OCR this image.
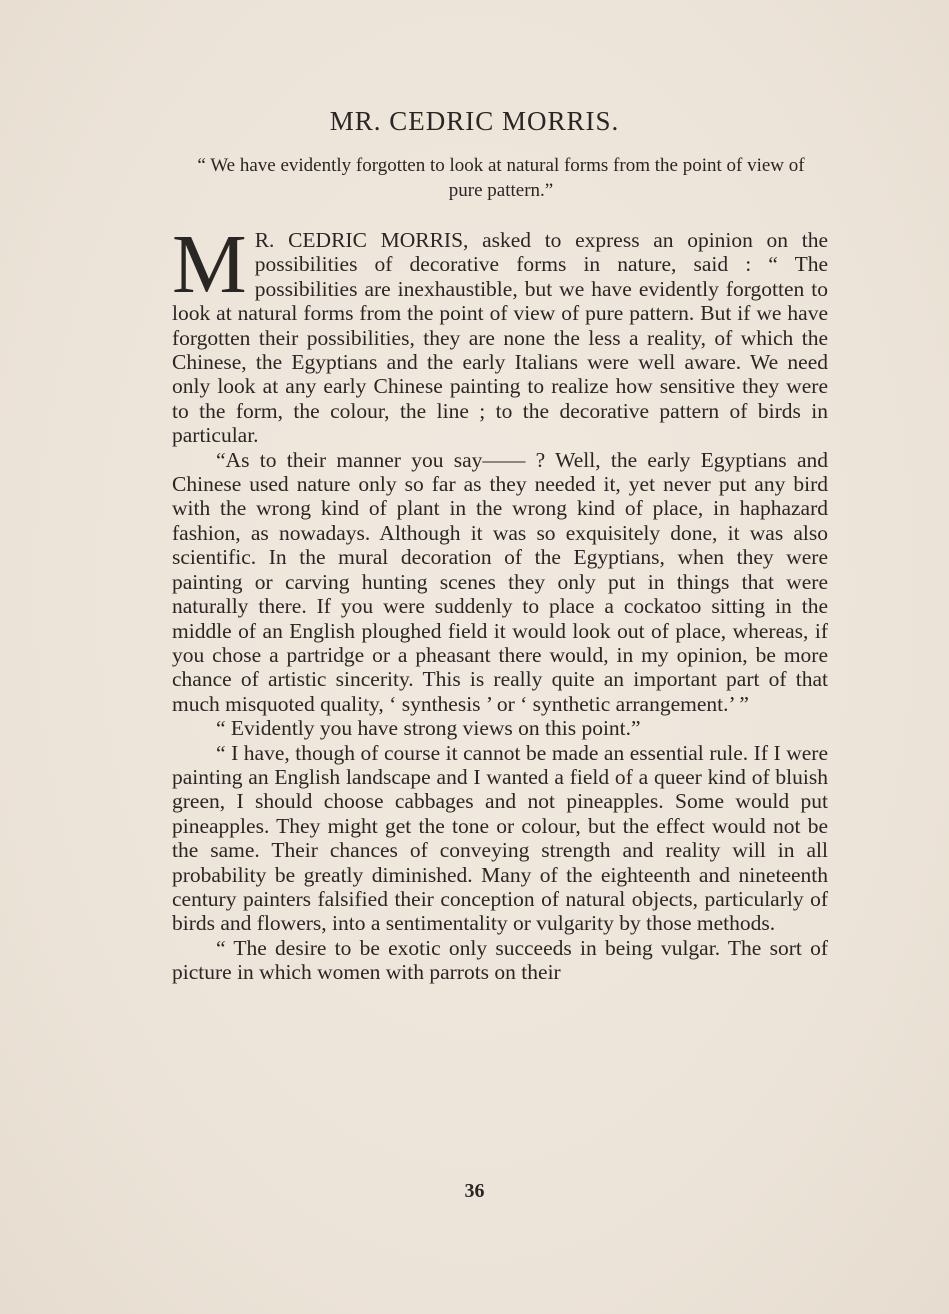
MR. CEDRIC MORRIS.

“ We have evidently forgotten to look at natural forms from the point of view of pure pattern.”

M R. CEDRIC MORRIS, asked to express an opinion on the possibilities of decorative forms in nature, said : “ The possibilities are inexhaustible, but we have evidently forgotten to look at natural forms from the point of view of pure pattern. But if we have forgotten their possibilities, they are none the less a reality, of which the Chinese, the Egyptians and the early Italians were well aware. We need only look at any early Chinese painting to realize how sensitive they were to the form, the colour, the line ; to the decorative pattern of birds in particular.

“As to their manner you say—— ? Well, the early Egyptians and Chinese used nature only so far as they needed it, yet never put any bird with the wrong kind of plant in the wrong kind of place, in haphazard fashion, as nowadays. Although it was so exquisitely done, it was also scientific. In the mural decoration of the Egyptians, when they were painting or carving hunting scenes they only put in things that were naturally there. If you were suddenly to place a cockatoo sitting in the middle of an English ploughed field it would look out of place, whereas, if you chose a partridge or a pheasant there would, in my opinion, be more chance of artistic sincerity. This is really quite an important part of that much misquoted quality, ‘ synthesis ’ or ‘ synthetic arrangement.’ ”

“ Evidently you have strong views on this point.”

“ I have, though of course it cannot be made an essential rule. If I were painting an English landscape and I wanted a field of a queer kind of bluish green, I should choose cabbages and not pineapples. Some would put pineapples. They might get the tone or colour, but the effect would not be the same. Their chances of conveying strength and reality will in all probability be greatly diminished. Many of the eighteenth and nineteenth century painters falsified their conception of natural objects, particularly of birds and flowers, into a sentimentality or vulgarity by those methods.

“ The desire to be exotic only succeeds in being vulgar. The sort of picture in which women with parrots on their

36
